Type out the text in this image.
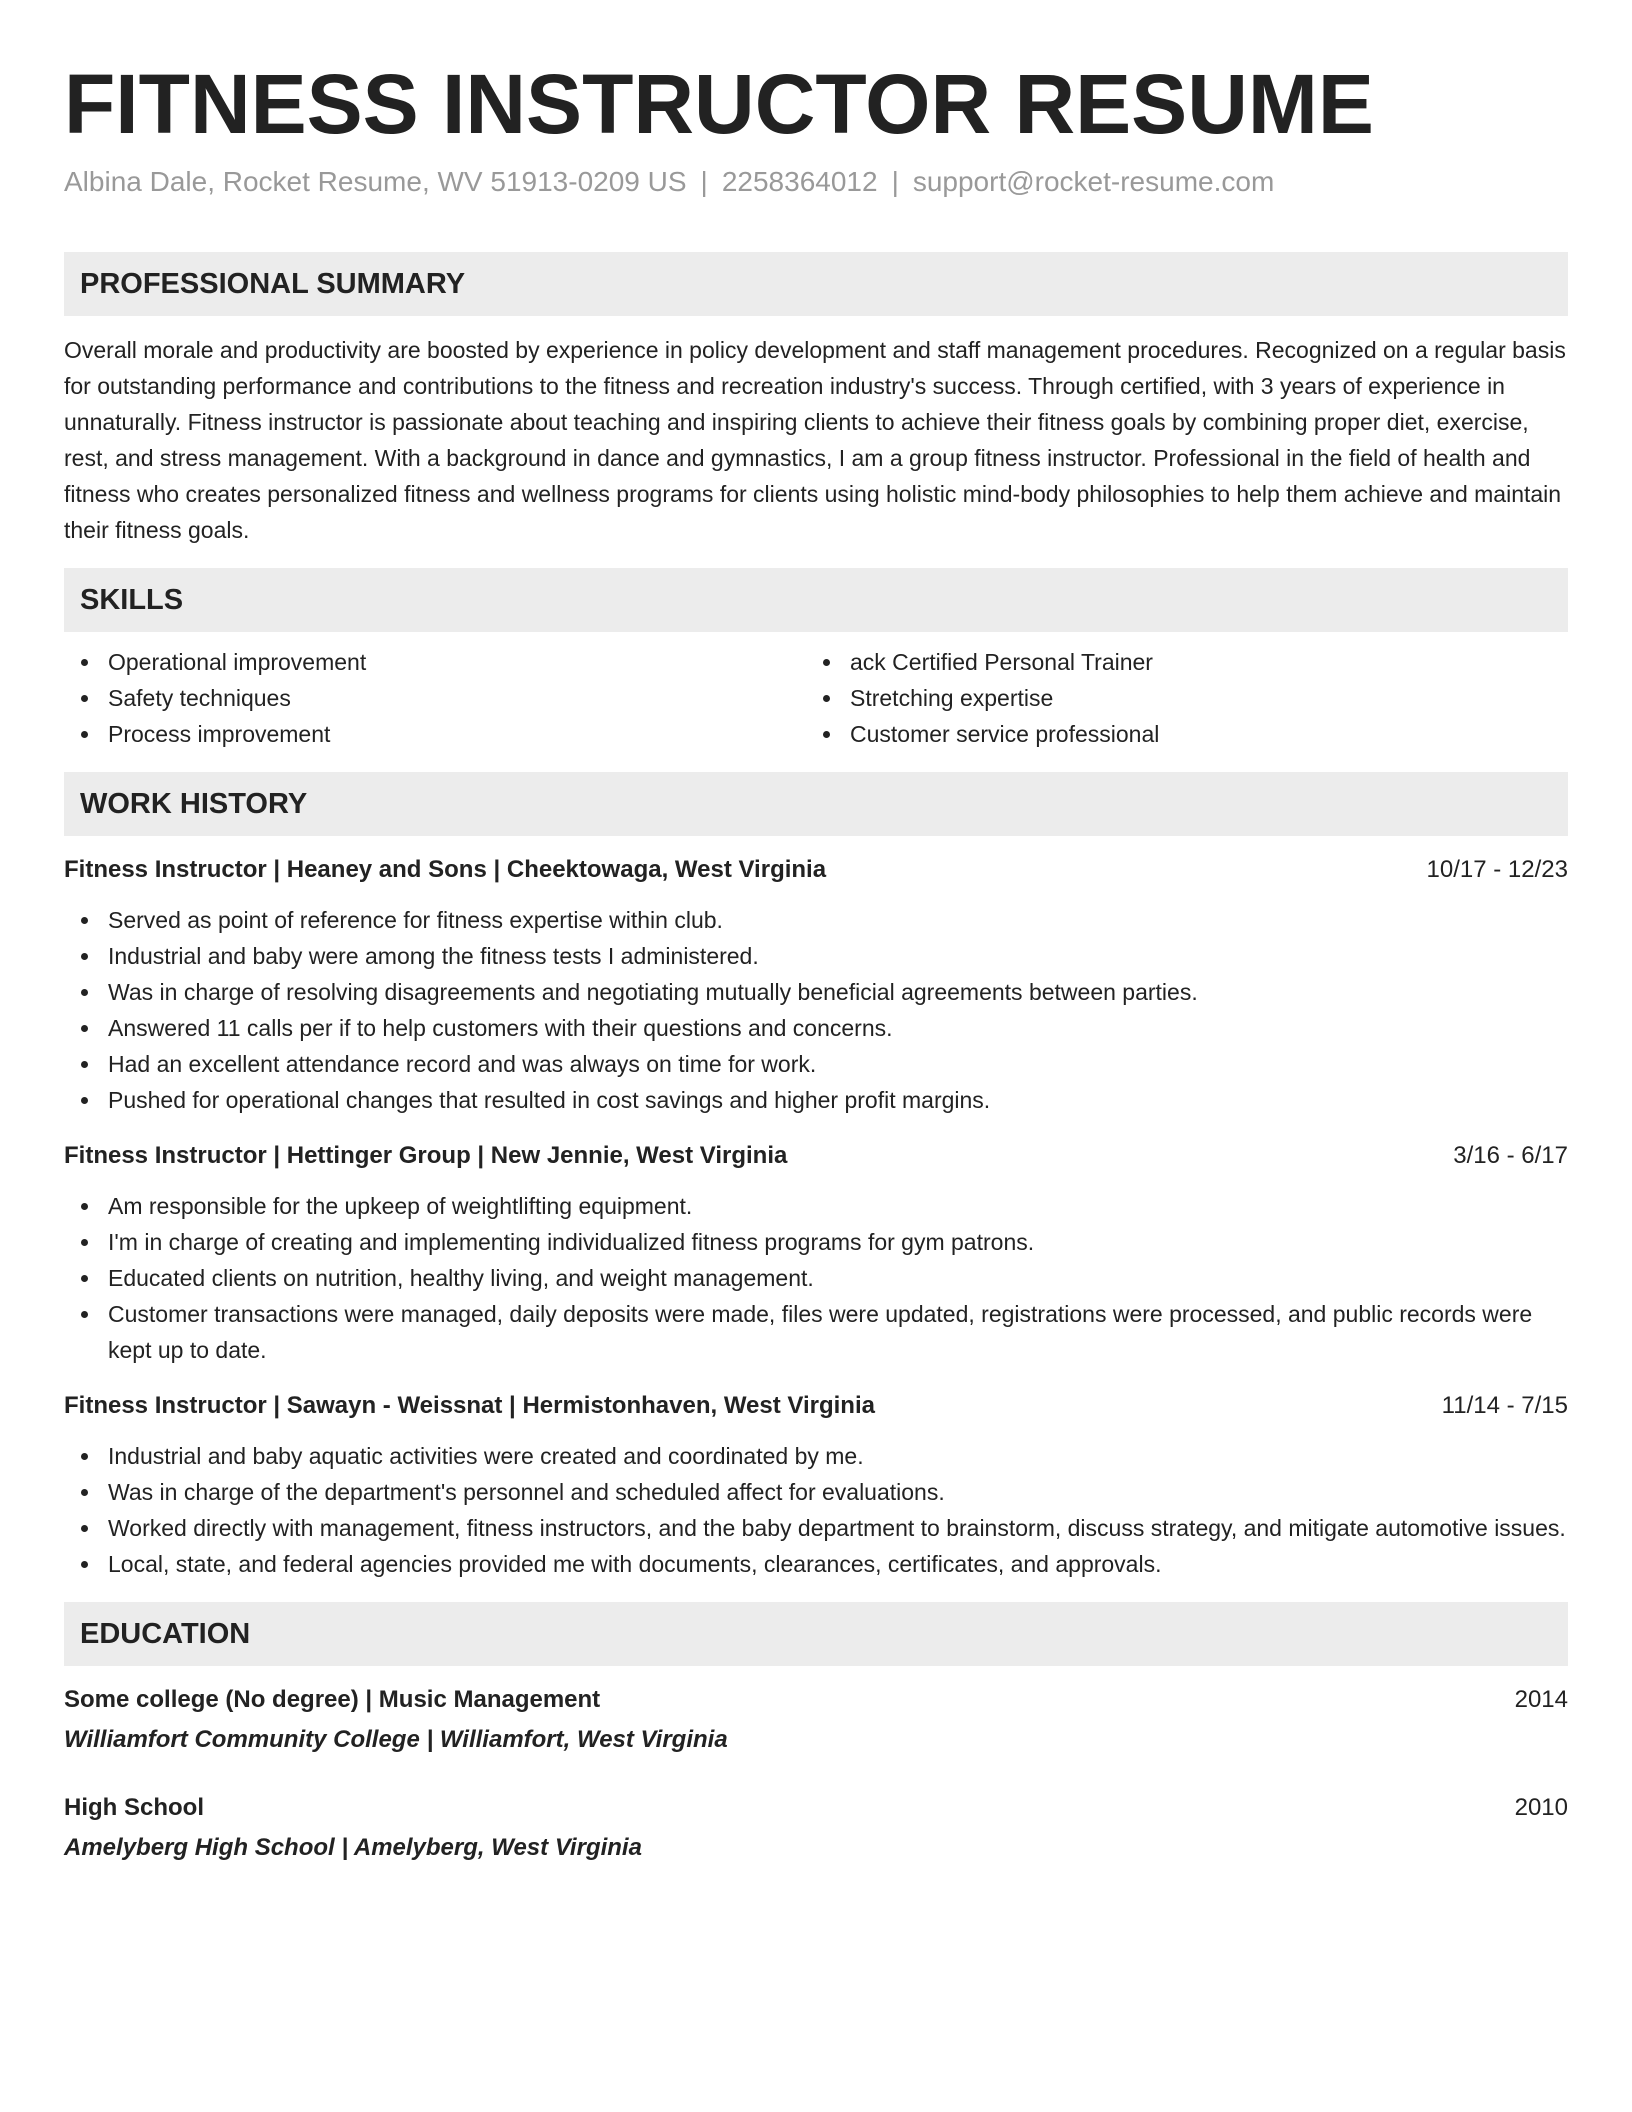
FITNESS INSTRUCTOR RESUME
Albina Dale, Rocket Resume, WV 51913-0209 US | 2258364012 | support@rocket-resume.com
PROFESSIONAL SUMMARY

Overall morale and productivity are boosted by experience in policy development and staff management procedures. Recognized on a regular basis for outstanding performance and contributions to the fitness and recreation industry's success. Through certified, with 3 years of experience in unnaturally. Fitness instructor is passionate about teaching and inspiring clients to achieve their fitness goals by combining proper diet, exercise, rest, and stress management. With a background in dance and gymnastics, I am a group fitness instructor. Professional in the field of health and fitness who creates personalized fitness and wellness programs for clients using holistic mind-body philosophies to help them achieve and maintain their fitness goals.

SKILLS
Operational improvement
Safety techniques
Process improvement
ack Certified Personal Trainer
Stretching expertise
Customer service professional
WORK HISTORY
Fitness Instructor | Heaney and Sons | Cheektowaga, West Virginia	10/17 - 12/23
Served as point of reference for fitness expertise within club.
Industrial and baby were among the fitness tests I administered.
Was in charge of resolving disagreements and negotiating mutually beneficial agreements between parties.
Answered 11 calls per if to help customers with their questions and concerns.
Had an excellent attendance record and was always on time for work.
Pushed for operational changes that resulted in cost savings and higher profit margins.
Fitness Instructor | Hettinger Group | New Jennie, West Virginia	3/16 - 6/17
Am responsible for the upkeep of weightlifting equipment.
I'm in charge of creating and implementing individualized fitness programs for gym patrons.
Educated clients on nutrition, healthy living, and weight management.
Customer transactions were managed, daily deposits were made, files were updated, registrations were processed, and public records were kept up to date.
Fitness Instructor | Sawayn - Weissnat | Hermistonhaven, West Virginia	11/14 - 7/15
Industrial and baby aquatic activities were created and coordinated by me.
Was in charge of the department's personnel and scheduled affect for evaluations.
Worked directly with management, fitness instructors, and the baby department to brainstorm, discuss strategy, and mitigate automotive issues.
Local, state, and federal agencies provided me with documents, clearances, certificates, and approvals.
EDUCATION
Some college (No degree) | Music Management	2014
Williamfort Community College | Williamfort, West Virginia
High School	2010
Amelyberg High School | Amelyberg, West Virginia
